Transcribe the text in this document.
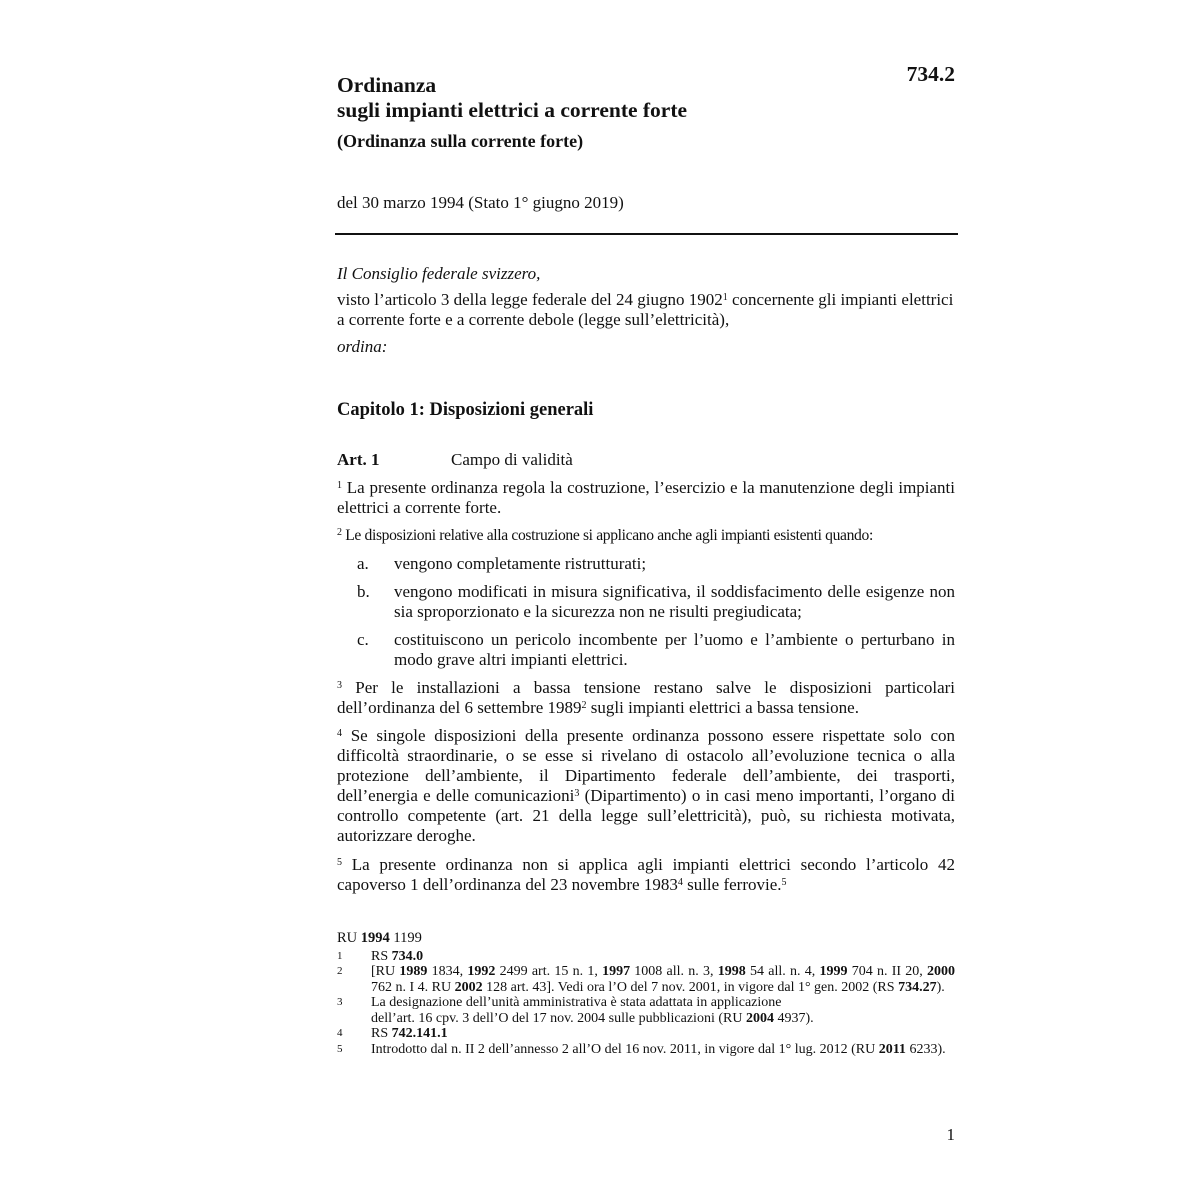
Ordinanza
sugli impianti elettrici a corrente forte
(Ordinanza sulla corrente forte)
734.2
del 30 marzo 1994 (Stato 1° giugno 2019)
Il Consiglio federale svizzero,
visto l’articolo 3 della legge federale del 24 giugno 1902$^1$ concernente gli impianti elettrici a corrente forte e a corrente debole (legge sull’elettricità),
ordina:
Capitolo 1: Disposizioni generali
Art. 1	Campo di validità
$^1$ La presente ordinanza regola la costruzione, l’esercizio e la manutenzione degli impianti elettrici a corrente forte.
$^2$ Le disposizioni relative alla costruzione si applicano anche agli impianti esistenti quando:
a.	vengono completamente ristrutturati;
b.	vengono modificati in misura significativa, il soddisfacimento delle esigenze non sia sproporzionato e la sicurezza non ne risulti pregiudicata;
c.	costituiscono un pericolo incombente per l’uomo e l’ambiente o perturbano in modo grave altri impianti elettrici.
$^3$ Per le installazioni a bassa tensione restano salve le disposizioni particolari dell’ordinanza del 6 settembre 1989$^2$ sugli impianti elettrici a bassa tensione.
$^4$ Se singole disposizioni della presente ordinanza possono essere rispettate solo con difficoltà straordinarie, o se esse si rivelano di ostacolo all’evoluzione tecnica o alla protezione dell’ambiente, il Dipartimento federale dell’ambiente, dei trasporti, dell’energia e delle comunicazioni$^3$ (Dipartimento) o in casi meno importanti, l’organo di controllo competente (art. 21 della legge sull’elettricità), può, su richiesta motivata, autorizzare deroghe.
$^5$ La presente ordinanza non si applica agli impianti elettrici secondo l’articolo 42 capoverso 1 dell’ordinanza del 23 novembre 1983$^4$ sulle ferrovie.$^5$
RU 1994 1199
1 RS 734.0
2 [RU 1989 1834, 1992 2499 art. 15 n. 1, 1997 1008 all. n. 3, 1998 54 all. n. 4, 1999 704 n. II 20, 2000 762 n. I 4. RU 2002 128 art. 43]. Vedi ora l’O del 7 nov. 2001, in vigore dal 1° gen. 2002 (RS 734.27).
3 La designazione dell’unità amministrativa è stata adattata in applicazione
dell’art. 16 cpv. 3 dell’O del 17 nov. 2004 sulle pubblicazioni (RU 2004 4937).
4 RS 742.141.1
5 Introdotto dal n. II 2 dell’annesso 2 all’O del 16 nov. 2011, in vigore dal 1° lug. 2012 (RU 2011 6233).
1
